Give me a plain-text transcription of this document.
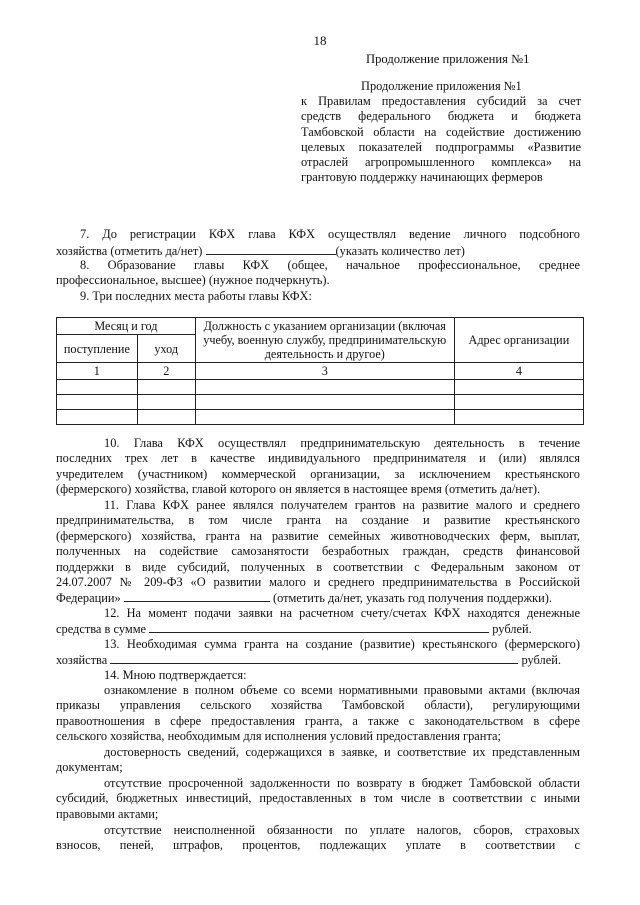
18
Продолжение приложения №1
Продолжение приложения №1
к Правилам предоставления субсидий за счет
средств федерального бюджета и бюджета
Тамбовской области на содействие достижению
целевых показателей подпрограммы «Развитие
отраслей агропромышленного комплекса» на
грантовую поддержку начинающих фермеров
7. До регистрации КФХ глава КФХ осуществлял ведение личного подсобного
хозяйства (отметить да/нет)	(указать количество лет)
8. Образование главы КФХ (общее, начальное профессиональное, среднее
профессиональное, высшее) (нужное подчеркнуть).
9. Три последних места работы главы КФХ:
Месяц и год		Должность с указанием организации (включая учебу, военную службу, предпринимательскую деятельность и другое)	Адрес организации
поступление	уход		
1	2	3	4

10. Глава КФХ осуществлял предпринимательскую деятельность в течение
последних трех лет в качестве индивидуального предпринимателя и (или) являлся
учредителем (участником) коммерческой организации, за исключением крестьянского
(фермерского) хозяйства, главой которого он является в настоящее время (отметить да/нет).
11. Глава КФХ ранее являлся получателем грантов на развитие малого и среднего
предпринимательства, в том числе гранта на создание и развитие крестьянского
(фермерского) хозяйства, гранта на развитие семейных животноводческих ферм, выплат,
полученных на содействие самозанятости безработных граждан, средств финансовой
поддержки в виде субсидий, полученных в соответствии с Федеральным законом от
24.07.2007 № 209-ФЗ «О развитии малого и среднего предпринимательства в Российской
Федерации»	(отметить да/нет, указать год получения поддержки).
12. На момент подачи заявки на расчетном счету/счетах КФХ находятся денежные
средства в сумме	рублей.
13. Необходимая сумма гранта на создание (развитие) крестьянского (фермерского)
хозяйства	рублей.
14. Мною подтверждается:
ознакомление в полном объеме со всеми нормативными правовыми актами (включая
приказы управления сельского хозяйства Тамбовской области), регулирующими
правоотношения в сфере предоставления гранта, а также с законодательством в сфере
сельского хозяйства, необходимым для исполнения условий предоставления гранта;
достоверность сведений, содержащихся в заявке, и соответствие их представленным
документам;
отсутствие просроченной задолженности по возврату в бюджет Тамбовской области
субсидий, бюджетных инвестиций, предоставленных в том числе в соответствии с иными
правовыми актами;
отсутствие неисполненной обязанности по уплате налогов, сборов, страховых
взносов, пеней, штрафов, процентов, подлежащих уплате в соответствии с
